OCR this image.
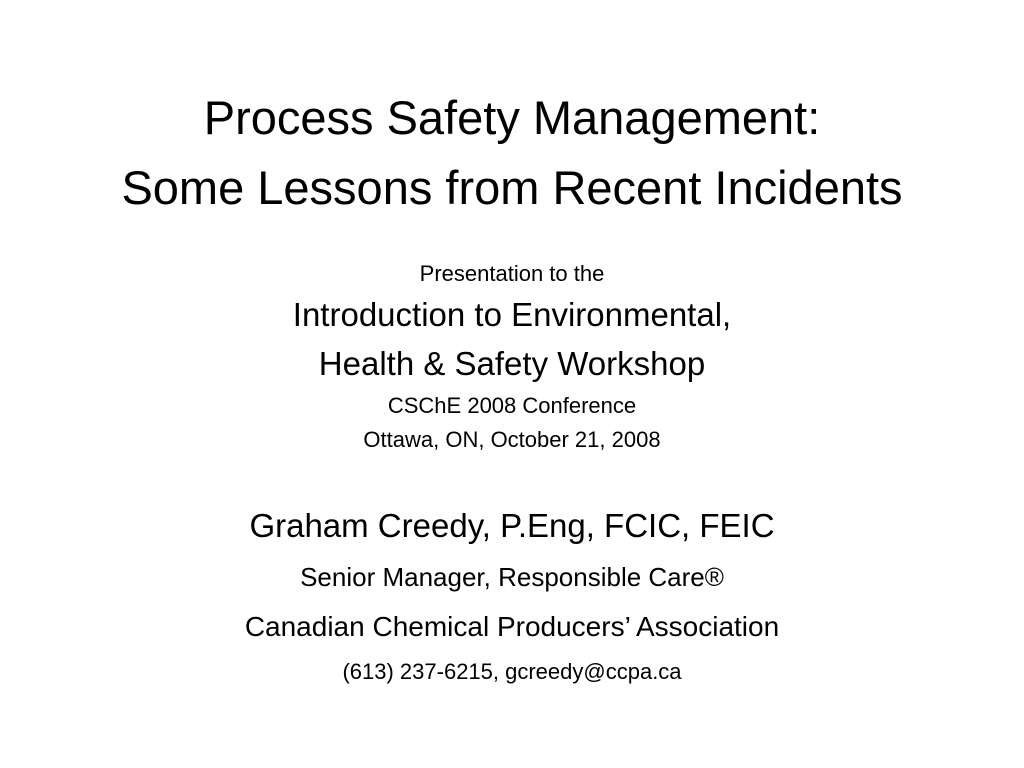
Process Safety Management:
Some Lessons from Recent Incidents
Presentation to the
Introduction to Environmental,
Health & Safety Workshop
CSChE 2008 Conference
Ottawa, ON, October 21, 2008
Graham Creedy, P.Eng, FCIC, FEIC
Senior Manager, Responsible Care®
Canadian Chemical Producers’ Association
(613) 237-6215, gcreedy@ccpa.ca
